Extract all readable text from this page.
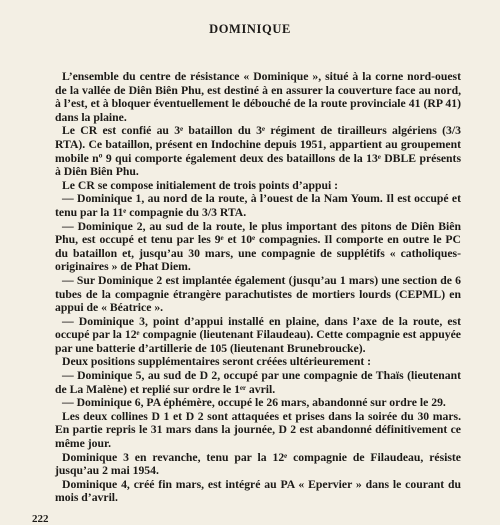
DOMINIQUE

L’ensemble du centre de résistance « Dominique », situé à la corne nord-ouest de la vallée de Diên Biên Phu, est destiné à en assurer la couverture face au nord, à l’est, et à bloquer éventuellement le débouché de la route provinciale 41 (RP 41) dans la plaine.

Le CR est confié au 3ᵉ bataillon du 3ᵉ régiment de tirailleurs algériens (3/3 RTA). Ce bataillon, présent en Indochine depuis 1951, appartient au groupement mobile nº 9 qui comporte également deux des bataillons de la 13ᵉ DBLE présents à Diên Biên Phu.

Le CR se compose initialement de trois points d’appui :

— Dominique 1, au nord de la route, à l’ouest de la Nam Youm. Il est occupé et tenu par la 11ᵉ compagnie du 3/3 RTA.

— Dominique 2, au sud de la route, le plus important des pitons de Diên Biên Phu, est occupé et tenu par les 9ᵉ et 10ᵉ compagnies. Il comporte en outre le PC du bataillon et, jusqu’au 30 mars, une compagnie de supplétifs « catholiques-originaires » de Phat Diem.

— Sur Dominique 2 est implantée également (jusqu’au 1 mars) une section de 6 tubes de la compagnie étrangère parachutistes de mortiers lourds (CEPML) en appui de « Béatrice ».

— Dominique 3, point d’appui installé en plaine, dans l’axe de la route, est occupé par la 12ᵉ compagnie (lieutenant Filaudeau). Cette compagnie est appuyée par une batterie d’artillerie de 105 (lieutenant Brunebroucke).

Deux positions supplémentaires seront créées ultérieurement :

— Dominique 5, au sud de D 2, occupé par une compagnie de Thaïs (lieutenant de La Malène) et replié sur ordre le 1ᵉʳ avril.

— Dominique 6, PA éphémère, occupé le 26 mars, abandonné sur ordre le 29.

Les deux collines D 1 et D 2 sont attaquées et prises dans la soirée du 30 mars. En partie repris le 31 mars dans la journée, D 2 est abandonné définitivement ce même jour.

Dominique 3 en revanche, tenu par la 12ᵉ compagnie de Filaudeau, résiste jusqu’au 2 mai 1954.

Dominique 4, créé fin mars, est intégré au PA « Epervier » dans le courant du mois d’avril.

222
